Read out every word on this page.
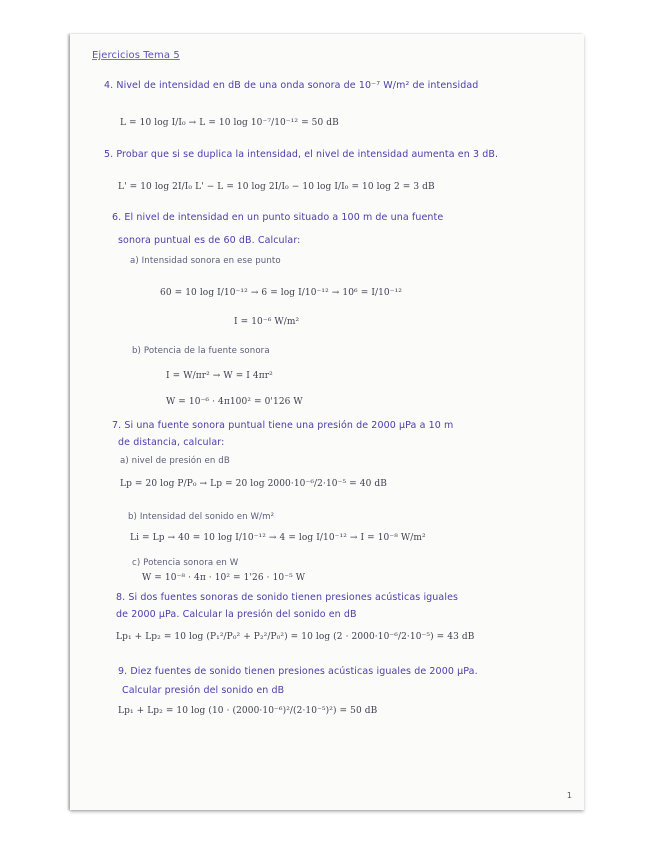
Ejercicios Tema 5
4. Nivel de intensidad en dB de una onda sonora de 10⁻⁷ W/m² de intensidad
L = 10 log I/I₀ → L = 10 log 10⁻⁷/10⁻¹² = 50 dB
5. Probar que si se duplica la intensidad, el nivel de intensidad aumenta en 3 dB.
L' = 10 log 2I/I₀ L' − L = 10 log 2I/I₀ − 10 log I/I₀ = 10 log 2 = 3 dB
6. El nivel de intensidad en un punto situado a 100 m de una fuente
sonora puntual es de 60 dB. Calcular:
a) Intensidad sonora en ese punto
60 = 10 log I/10⁻¹² → 6 = log I/10⁻¹² → 10⁶ = I/10⁻¹²
I = 10⁻⁶ W/m²
b) Potencia de la fuente sonora
I = W/πr² → W = I 4πr²
W = 10⁻⁶ · 4π100² = 0'126 W
7. Si una fuente sonora puntual tiene una presión de 2000 μPa a 10 m
de distancia, calcular:
a) nivel de presión en dB
Lp = 20 log P/P₀ → Lp = 20 log 2000·10⁻⁶/2·10⁻⁵ = 40 dB
b) Intensidad del sonido en W/m²
Li = Lp → 40 = 10 log I/10⁻¹² → 4 = log I/10⁻¹² → I = 10⁻⁸ W/m²
c) Potencia sonora en W
W = 10⁻⁸ · 4π · 10² = 1'26 · 10⁻⁵ W
8. Si dos fuentes sonoras de sonido tienen presiones acústicas iguales
de 2000 μPa. Calcular la presión del sonido en dB
Lp₁ + Lp₂ = 10 log (P₁²/P₀² + P₂²/P₀²) = 10 log (2 · 2000·10⁻⁶/2·10⁻⁵) = 43 dB
9. Diez fuentes de sonido tienen presiones acústicas iguales de 2000 μPa.
Calcular presión del sonido en dB
Lp₁ + Lp₂ = 10 log (10 · (2000·10⁻⁶)²/(2·10⁻⁵)²) = 50 dB
1
